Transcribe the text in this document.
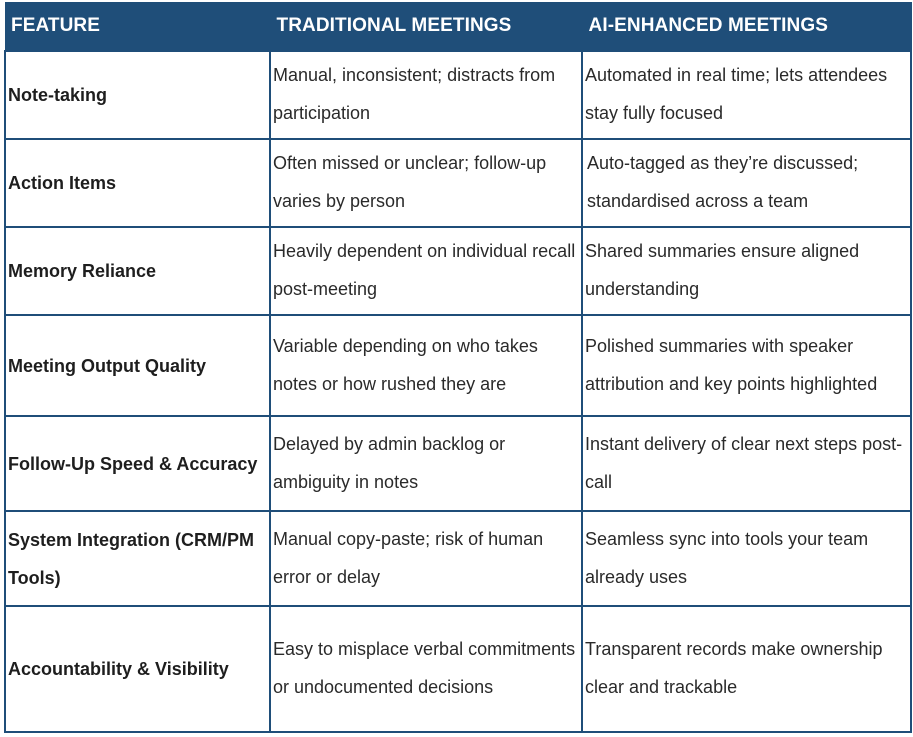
FEATURE	TRADITIONAL MEETINGS	AI-ENHANCED MEETINGS
Note-taking	Manual, inconsistent; distracts from participation	Automated in real time; lets attendees stay fully focused
Action Items	Often missed or unclear; follow-up varies by person	Auto-tagged as they’re discussed; standardised across a team
Memory Reliance	Heavily dependent on individual recall post-meeting	Shared summaries ensure aligned understanding
Meeting Output Quality	Variable depending on who takes notes or how rushed they are	Polished summaries with speaker attribution and key points highlighted
Follow-Up Speed & Accuracy	Delayed by admin backlog or ambiguity in notes	Instant delivery of clear next steps post-call
System Integration (CRM/PM Tools)	Manual copy-paste; risk of human error or delay	Seamless sync into tools your team already uses
Accountability & Visibility	Easy to misplace verbal commitments or undocumented decisions	Transparent records make ownership clear and trackable
